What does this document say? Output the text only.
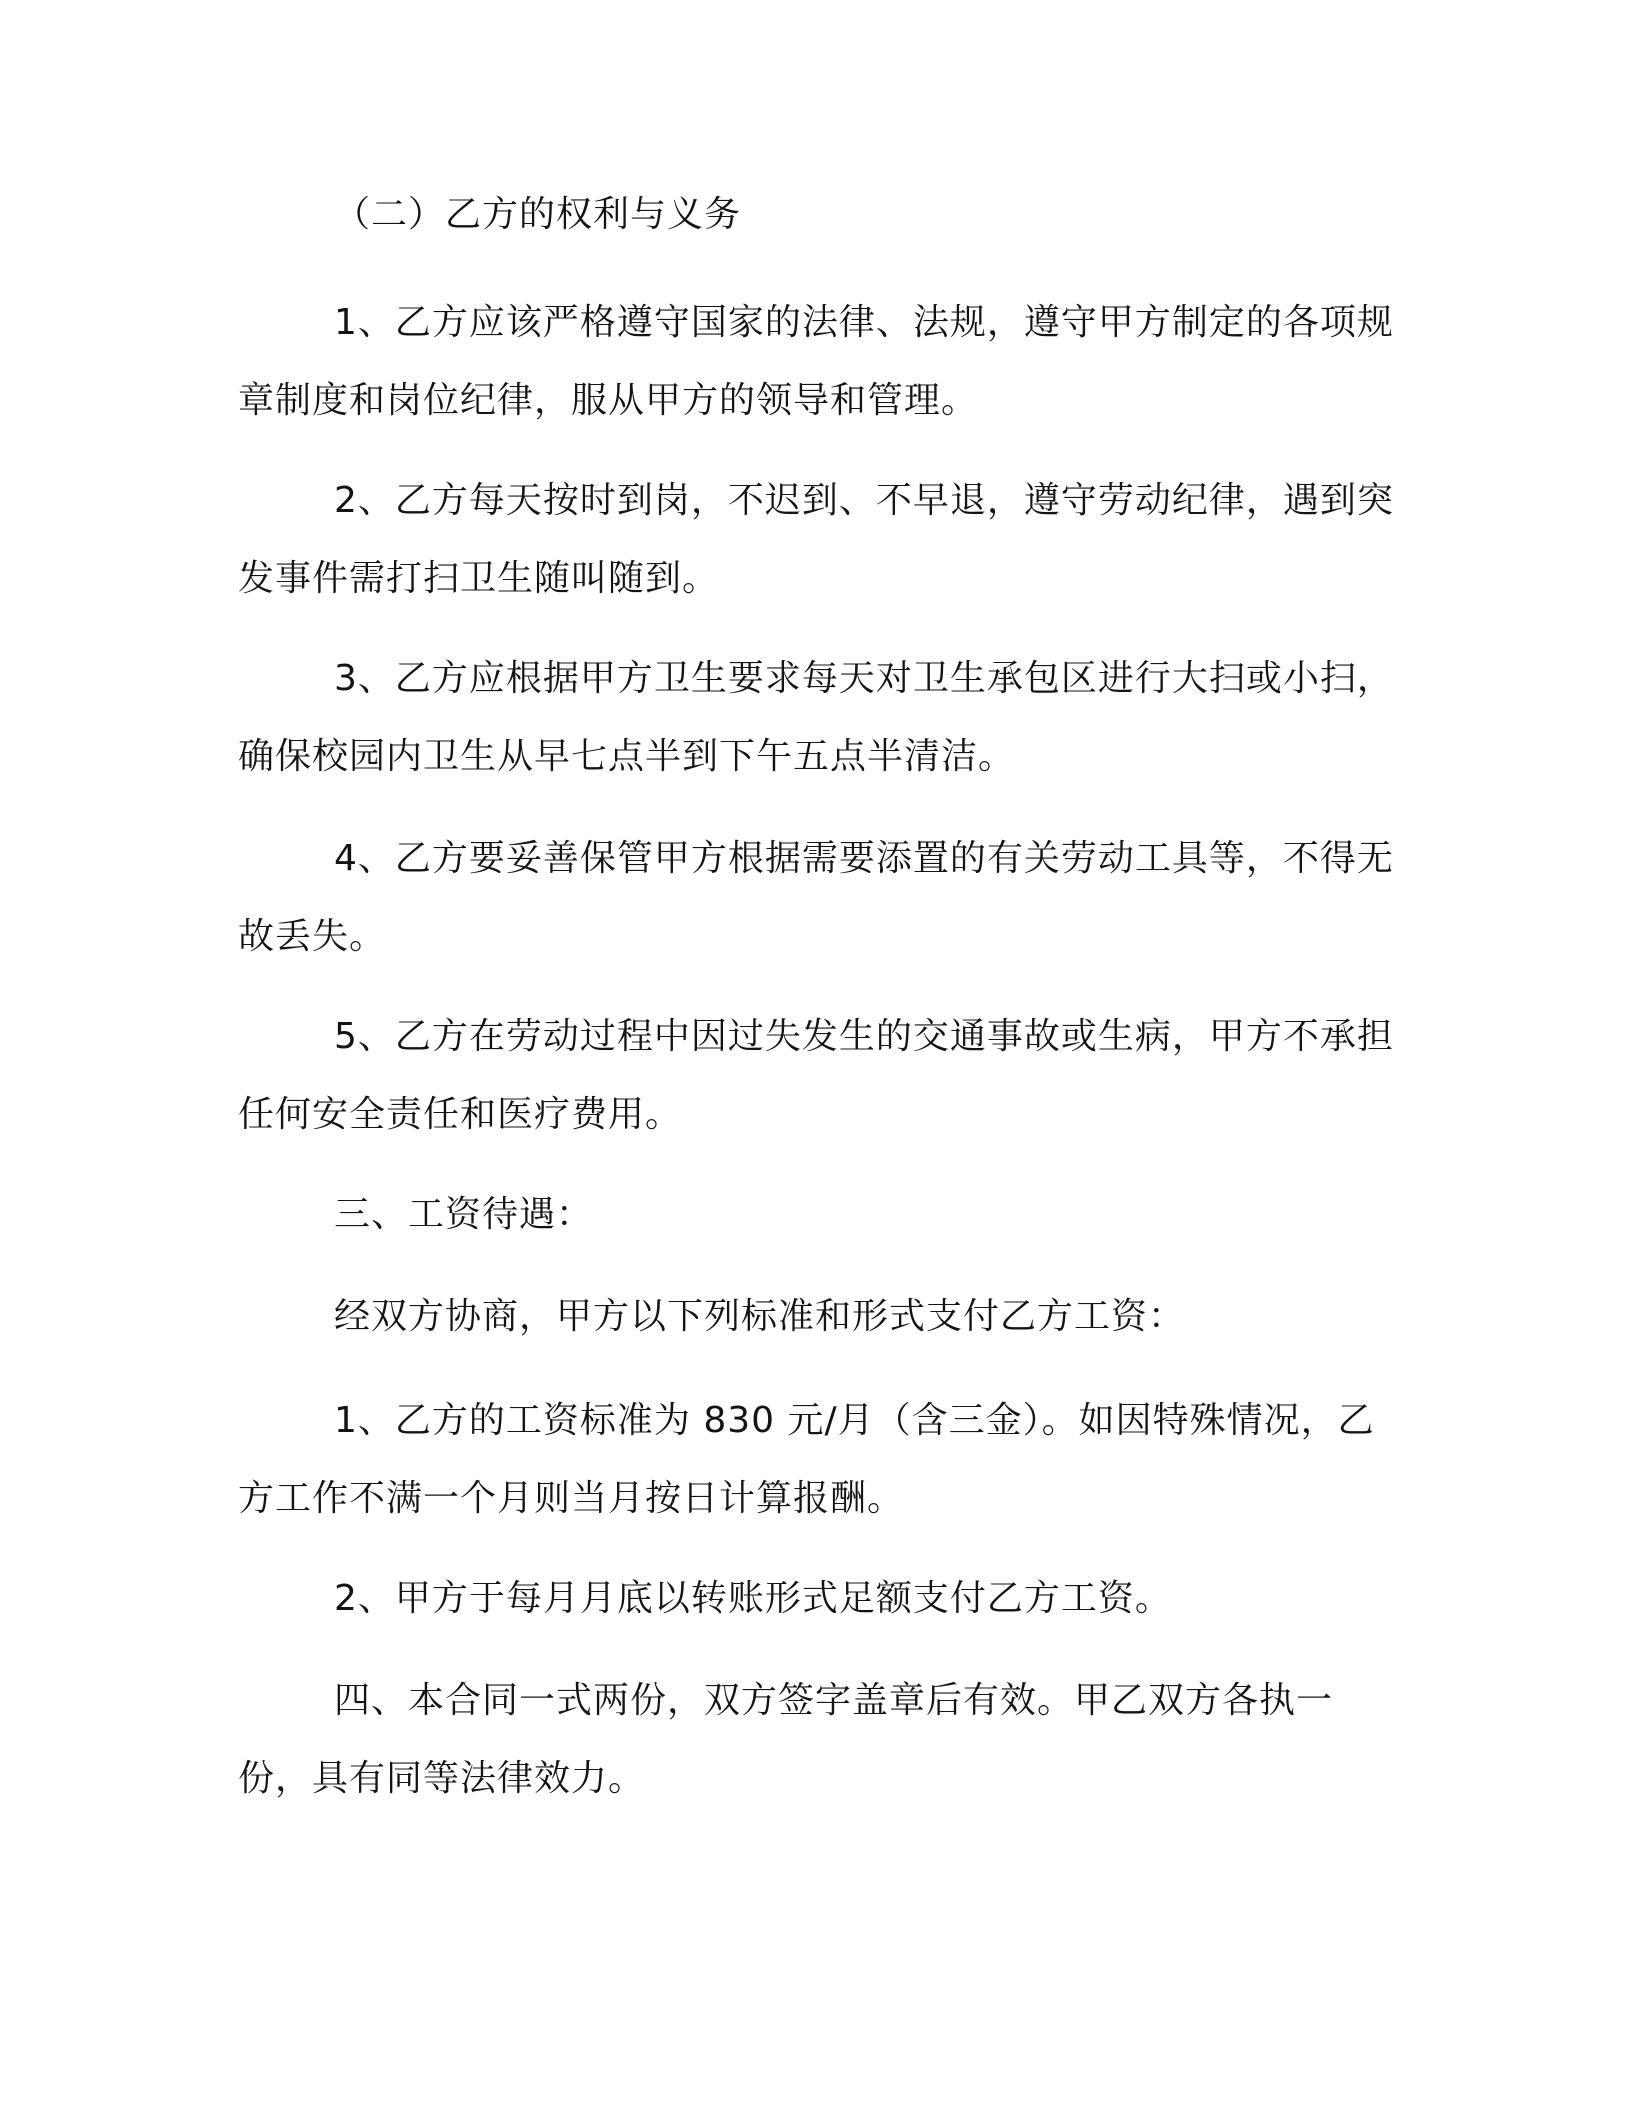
（二）乙方的权利与义务

1、乙方应该严格遵守国家的法律、法规，遵守甲方制定的各项规章制度和岗位纪律，服从甲方的领导和管理。

2、乙方每天按时到岗，不迟到、不早退，遵守劳动纪律，遇到突发事件需打扫卫生随叫随到。

3、乙方应根据甲方卫生要求每天对卫生承包区进行大扫或小扫，确保校园内卫生从早七点半到下午五点半清洁。

4、乙方要妥善保管甲方根据需要添置的有关劳动工具等，不得无故丢失。

5、乙方在劳动过程中因过失发生的交通事故或生病，甲方不承担任何安全责任和医疗费用。

三、工资待遇：

经双方协商，甲方以下列标准和形式支付乙方工资：

1、乙方的工资标准为 830 元/月（含三金）。如因特殊情况，乙方工作不满一个月则当月按日计算报酬。

2、甲方于每月月底以转账形式足额支付乙方工资。

四、本合同一式两份，双方签字盖章后有效。甲乙双方各执一份，具有同等法律效力。
